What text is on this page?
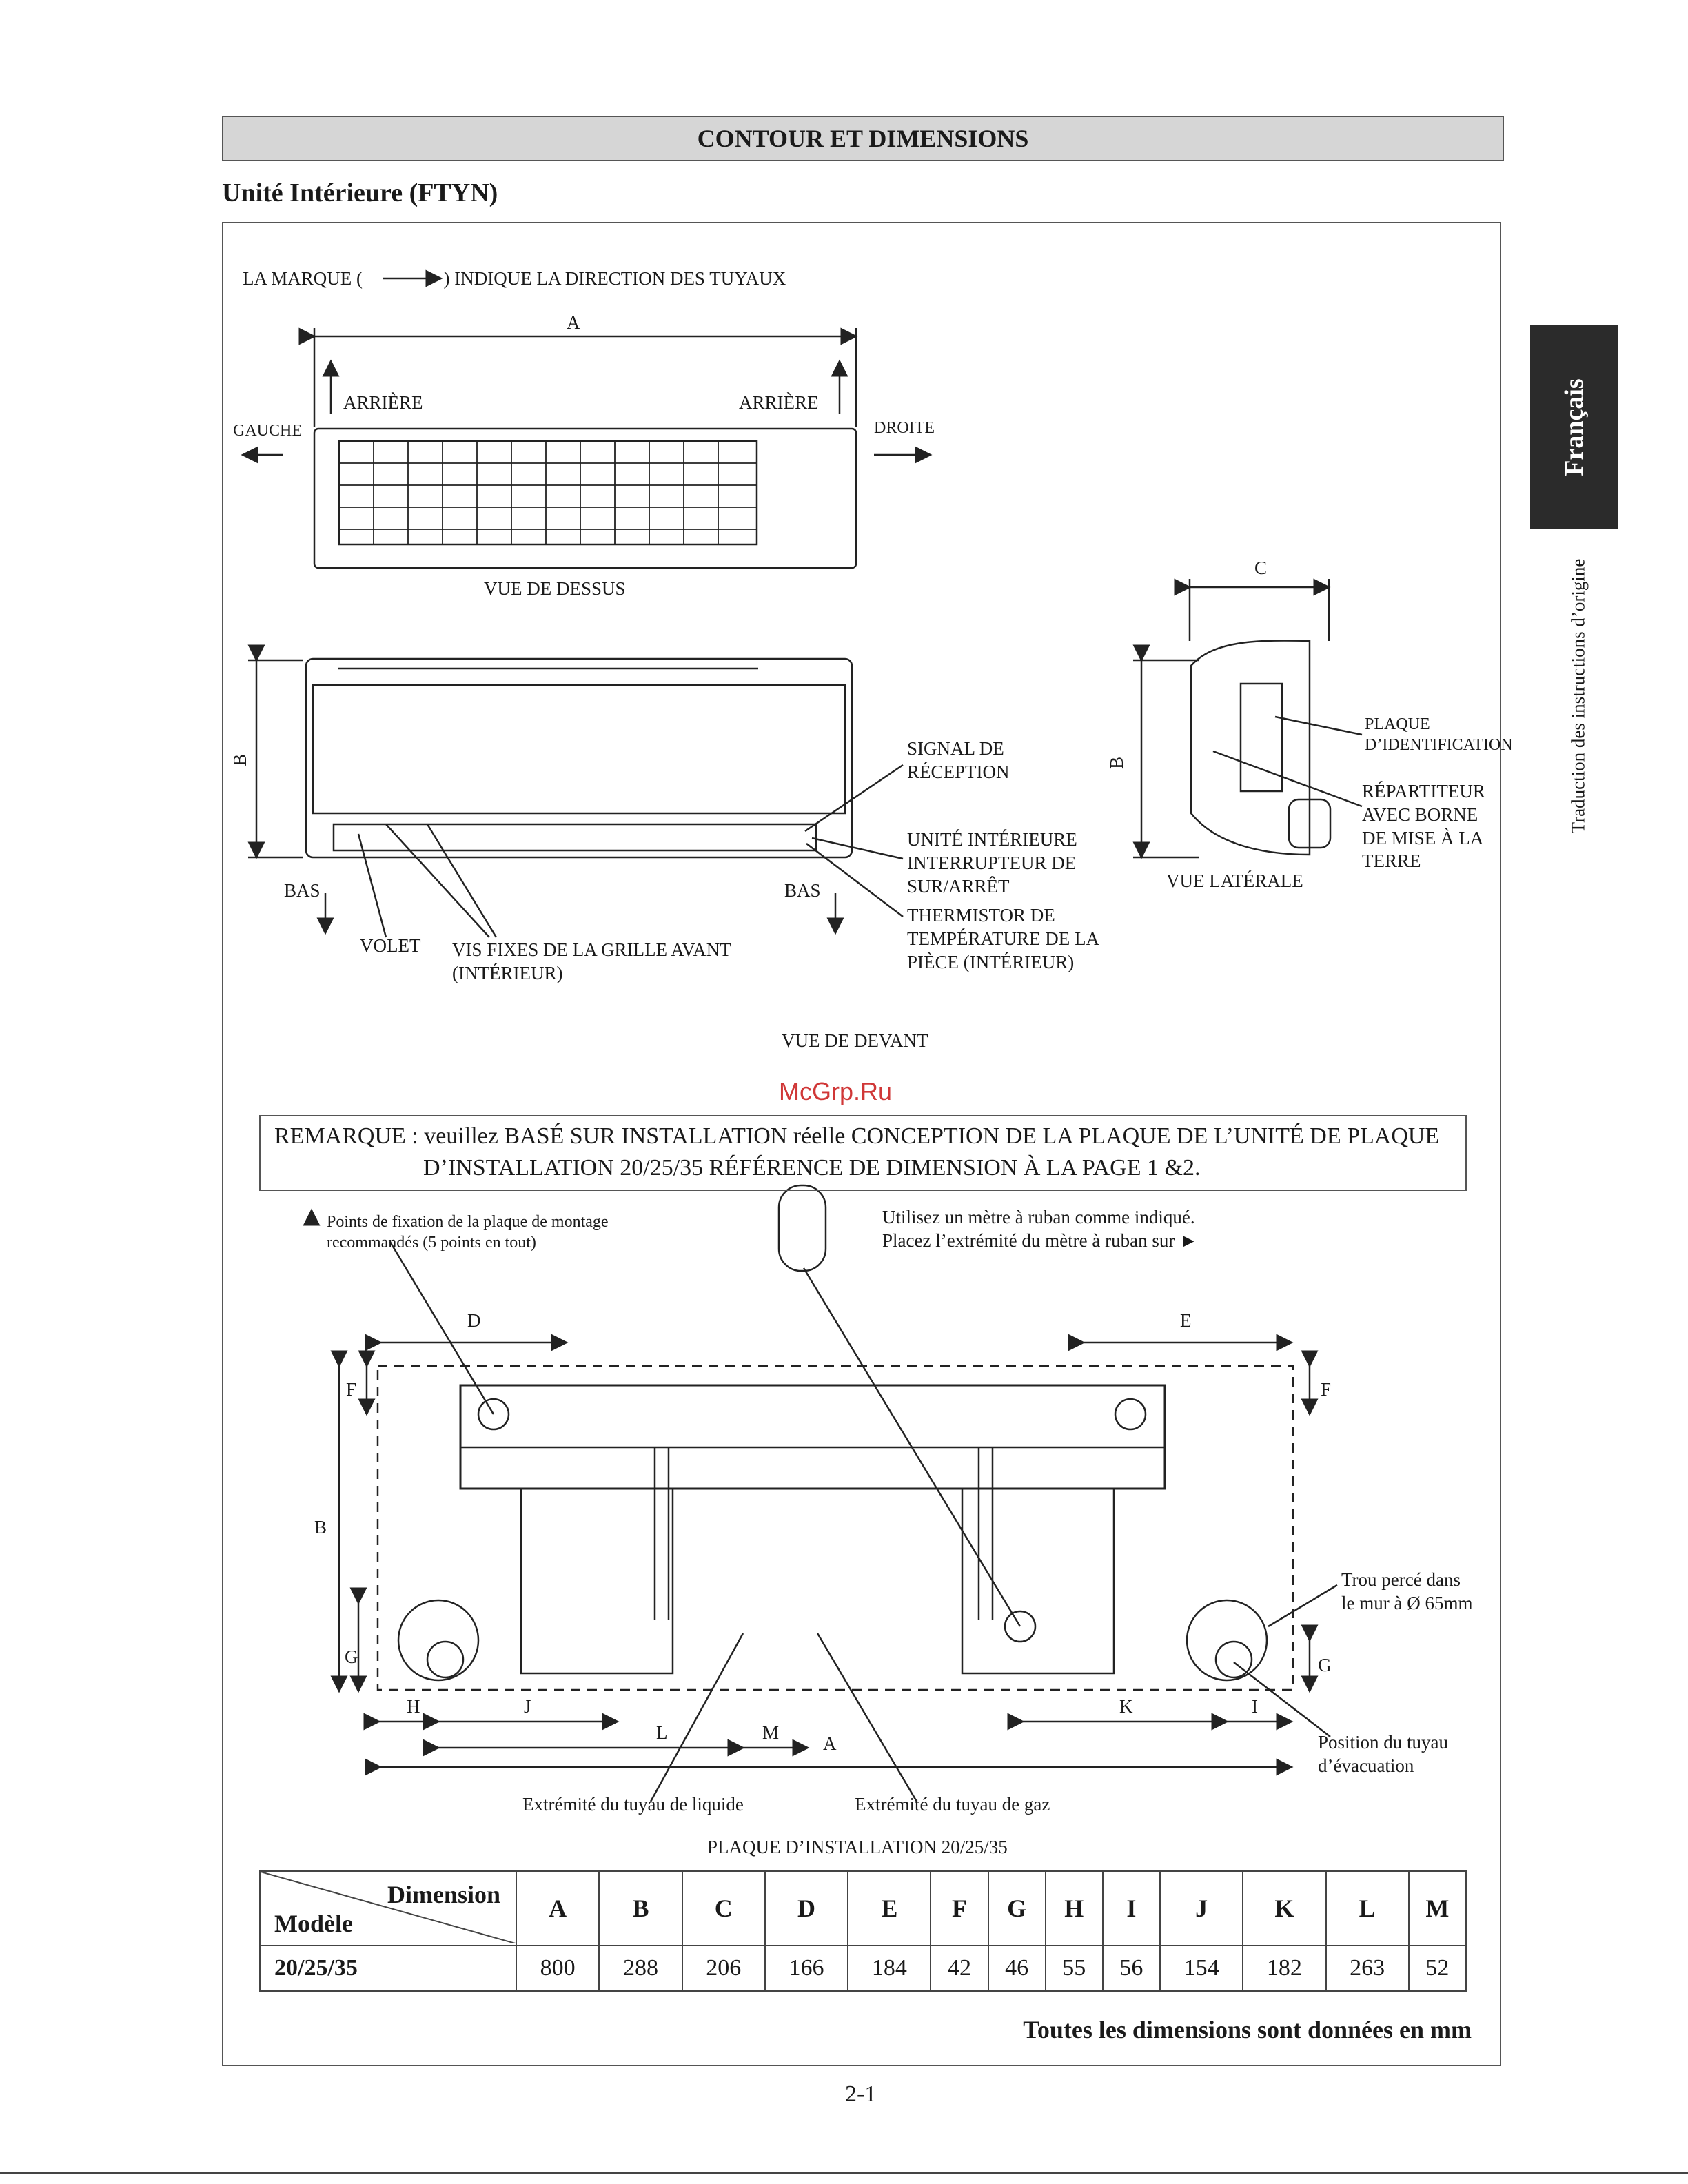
CONTOUR ET DIMENSIONS
Unité Intérieure (FTYN)
Français
Traduction des instructions d’origine
LA MARQUE (	) INDIQUE LA DIRECTION DES TUYAUX
A
ARRIÈRE	ARRIÈRE
GAUCHE	DROITE
VUE DE DESSUS
B
BAS	BAS
SIGNAL DE
RÉCEPTION
UNITÉ INTÉRIEURE
INTERRUPTEUR DE
SUR/ARRÊT
THERMISTOR DE
TEMPÉRATURE DE LA
PIÈCE (INTÉRIEUR)
VOLET VIS FIXES DE LA GRILLE AVANT
(INTÉRIEUR)
VUE DE DEVANT
C
B
PLAQUE
D’IDENTIFICATION
RÉPARTITEUR
AVEC BORNE
DE MISE À LA
TERRE
VUE LATÉRALE
REMARQUE : veuillez BASÉ SUR INSTALLATION réelle CONCEPTION DE LA PLAQUE DE L’UNITÉ DE PLAQUE
D’INSTALLATION 20/25/35 RÉFÉRENCE DE DIMENSION À LA PAGE 1 &2.
McGrp.Ru
Points de fixation de la plaque de montage
recommandés (5 points en tout)
Utilisez un mètre à ruban comme indiqué.
Placez l’extrémité du mètre à ruban sur ►
D	E
F	F
B
G	G
H	J	K	I
L	M
A
Trou percé dans
le mur à Ø 65mm
Position du tuyau
d’évacuation
Extrémité du tuyau de liquide	Extrémité du tuyau de gaz
PLAQUE D’INSTALLATION 20/25/35
Dimension
Modèle	A	B	C	D	E	F	G	H	I	J	K	L	M
20/25/35	800	288	206	166	184	42	46	55	56	154	182	263	52
Toutes les dimensions sont données en mm
2-1
